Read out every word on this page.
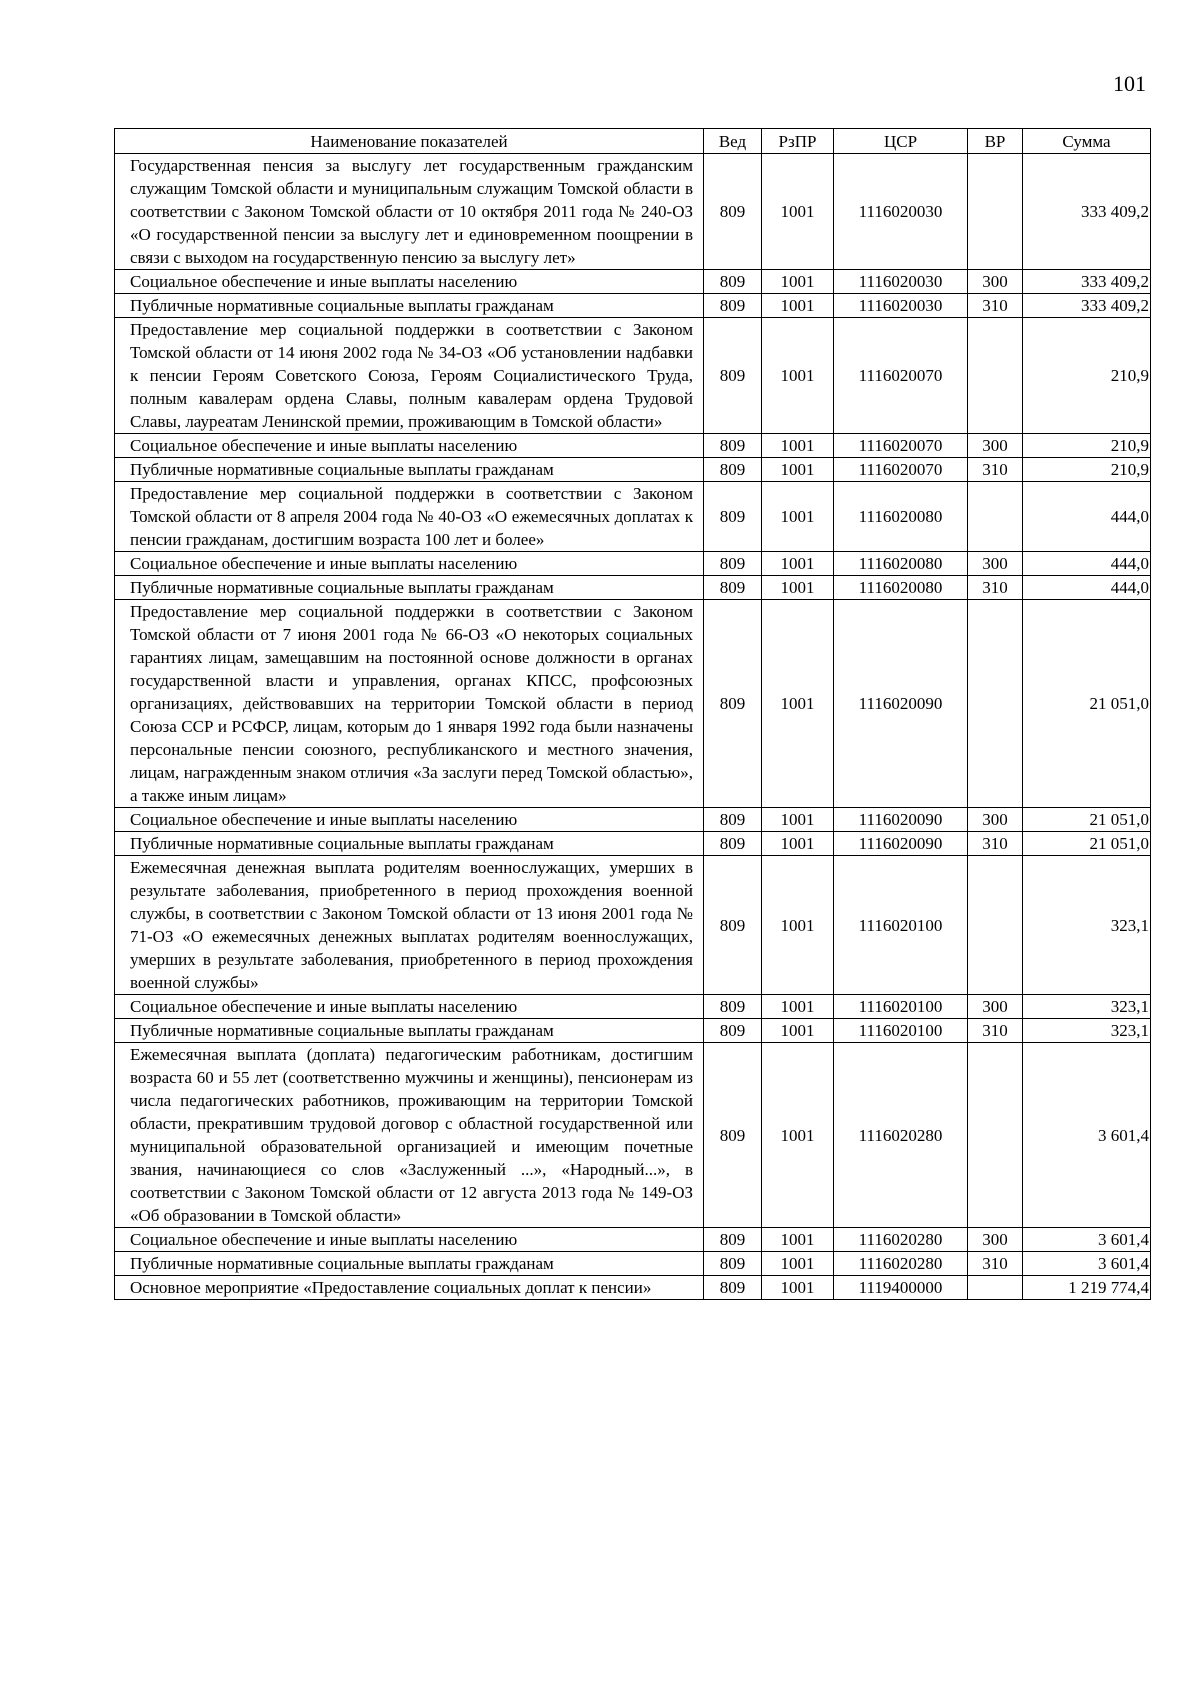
101
Наименование показателей	Вед	РзПР	ЦСР	ВР	Сумма
Государственная пенсия за выслугу лет государственным гражданским служащим Томской области и муниципальным служащим Томской области в соответствии с Законом Томской области от 10 октября 2011 года № 240-ОЗ «О государственной пенсии за выслугу лет и единовременном поощрении в связи с выходом на государственную пенсию за выслугу лет»	809	1001	1116020030		333 409,2
Социальное обеспечение и иные выплаты населению	809	1001	1116020030	300	333 409,2
Публичные нормативные социальные выплаты гражданам	809	1001	1116020030	310	333 409,2
Предоставление мер социальной поддержки в соответствии с Законом Томской области от 14 июня 2002 года № 34-ОЗ «Об установлении надбавки к пенсии Героям Советского Союза, Героям Социалистического Труда, полным кавалерам ордена Славы, полным кавалерам ордена Трудовой Славы, лауреатам Ленинской премии, проживающим в Томской области»	809	1001	1116020070		210,9
Социальное обеспечение и иные выплаты населению	809	1001	1116020070	300	210,9
Публичные нормативные социальные выплаты гражданам	809	1001	1116020070	310	210,9
Предоставление мер социальной поддержки в соответствии с Законом Томской области от 8 апреля 2004 года № 40-ОЗ «О ежемесячных доплатах к пенсии гражданам, достигшим возраста 100 лет и более»	809	1001	1116020080		444,0
Социальное обеспечение и иные выплаты населению	809	1001	1116020080	300	444,0
Публичные нормативные социальные выплаты гражданам	809	1001	1116020080	310	444,0
Предоставление мер социальной поддержки в соответствии с Законом Томской области от 7 июня 2001 года № 66-ОЗ «О некоторых социальных гарантиях лицам, замещавшим на постоянной основе должности в органах государственной власти и управления, органах КПСС, профсоюзных организациях, действовавших на территории Томской области в период Союза ССР и РСФСР, лицам, которым до 1 января 1992 года были назначены персональные пенсии союзного, республиканского и местного значения, лицам, награжденным знаком отличия «За заслуги перед Томской областью», а также иным лицам»	809	1001	1116020090		21 051,0
Социальное обеспечение и иные выплаты населению	809	1001	1116020090	300	21 051,0
Публичные нормативные социальные выплаты гражданам	809	1001	1116020090	310	21 051,0
Ежемесячная денежная выплата родителям военнослужащих, умерших в результате заболевания, приобретенного в период прохождения военной службы, в соответствии с Законом Томской области от 13 июня 2001 года № 71-ОЗ «О ежемесячных денежных выплатах родителям военнослужащих, умерших в результате заболевания, приобретенного в период прохождения военной службы»	809	1001	1116020100		323,1
Социальное обеспечение и иные выплаты населению	809	1001	1116020100	300	323,1
Публичные нормативные социальные выплаты гражданам	809	1001	1116020100	310	323,1
Ежемесячная выплата (доплата) педагогическим работникам, достигшим возраста 60 и 55 лет (соответственно мужчины и женщины), пенсионерам из числа педагогических работников, проживающим на территории Томской области, прекратившим трудовой договор с областной государственной или муниципальной образовательной организацией и имеющим почетные звания, начинающиеся со слов «Заслуженный ...», «Народный...», в соответствии с Законом Томской области от 12 августа 2013 года № 149-ОЗ «Об образовании в Томской области»	809	1001	1116020280		3 601,4
Социальное обеспечение и иные выплаты населению	809	1001	1116020280	300	3 601,4
Публичные нормативные социальные выплаты гражданам	809	1001	1116020280	310	3 601,4
Основное мероприятие «Предоставление социальных доплат к пенсии»	809	1001	1119400000		1 219 774,4
